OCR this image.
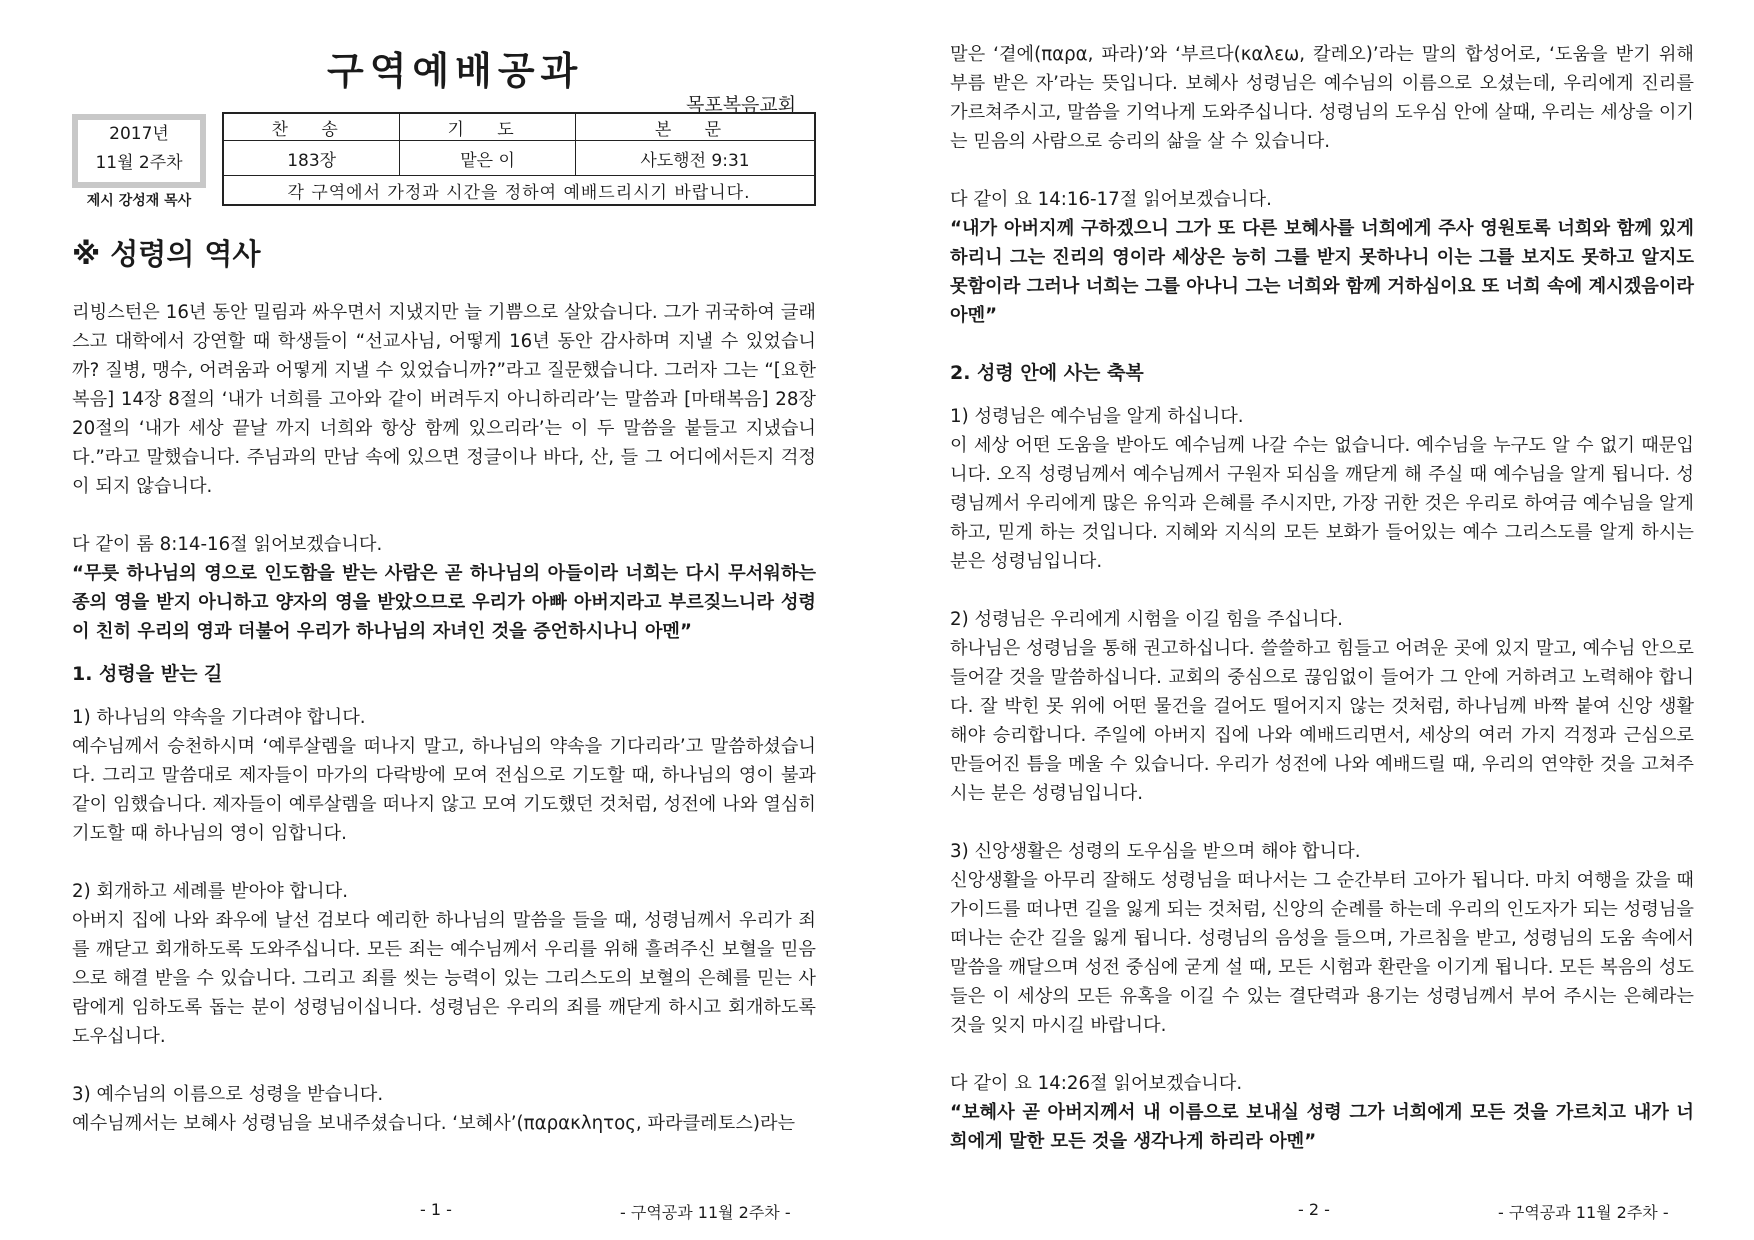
구역예배공과
목포복음교회
2017년
11월 2주차
제시 강성재 목사
찬 송	기 도	본 문
183장	맡은 이	사도행전 9:31
각 구역에서 가정과 시간을 정하여 예배드리시기 바랍니다.		
※ 성령의 역사

리빙스턴은 16년 동안 밀림과 싸우면서 지냈지만 늘 기쁨으로 살았습니다. 그가 귀국하여 글래스고 대학에서 강연할 때 학생들이 “선교사님, 어떻게 16년 동안 감사하며 지낼 수 있었습니까? 질병, 맹수, 어려움과 어떻게 지낼 수 있었습니까?”라고 질문했습니다. 그러자 그는 “[요한복음] 14장 8절의 ‘내가 너희를 고아와 같이 버려두지 아니하리라’는 말씀과 [마태복음] 28장 20절의 ‘내가 세상 끝날 까지 너희와 항상 함께 있으리라’는 이 두 말씀을 붙들고 지냈습니다.”라고 말했습니다. 주님과의 만남 속에 있으면 정글이나 바다, 산, 들 그 어디에서든지 걱정이 되지 않습니다.

다 같이 롬 8:14-16절 읽어보겠습니다.

“무릇 하나님의 영으로 인도함을 받는 사람은 곧 하나님의 아들이라 너희는 다시 무서워하는 종의 영을 받지 아니하고 양자의 영을 받았으므로 우리가 아빠 아버지라고 부르짖느니라 성령이 친히 우리의 영과 더불어 우리가 하나님의 자녀인 것을 증언하시나니 아멘”

1. 성령을 받는 길

1) 하나님의 약속을 기다려야 합니다.

예수님께서 승천하시며 ‘예루살렘을 떠나지 말고, 하나님의 약속을 기다리라’고 말씀하셨습니다. 그리고 말씀대로 제자들이 마가의 다락방에 모여 전심으로 기도할 때, 하나님의 영이 불과 같이 임했습니다. 제자들이 예루살렘을 떠나지 않고 모여 기도했던 것처럼, 성전에 나와 열심히 기도할 때 하나님의 영이 임합니다.

2) 회개하고 세례를 받아야 합니다.

아버지 집에 나와 좌우에 날선 검보다 예리한 하나님의 말씀을 들을 때, 성령님께서 우리가 죄를 깨닫고 회개하도록 도와주십니다. 모든 죄는 예수님께서 우리를 위해 흘려주신 보혈을 믿음으로 해결 받을 수 있습니다. 그리고 죄를 씻는 능력이 있는 그리스도의 보혈의 은혜를 믿는 사람에게 임하도록 돕는 분이 성령님이십니다. 성령님은 우리의 죄를 깨닫게 하시고 회개하도록 도우십니다.

3) 예수님의 이름으로 성령을 받습니다.

예수님께서는 보혜사 성령님을 보내주셨습니다. ‘보혜사’(παρακλητος, 파라클레토스)라는

- 1 -	- 구역공과 11월 2주차 -

말은 ‘곁에(παρα, 파라)’와 ‘부르다(καλεω, 칼레오)’라는 말의 합성어로, ‘도움을 받기 위해 부름 받은 자’라는 뜻입니다. 보혜사 성령님은 예수님의 이름으로 오셨는데, 우리에게 진리를 가르쳐주시고, 말씀을 기억나게 도와주십니다. 성령님의 도우심 안에 살때, 우리는 세상을 이기는 믿음의 사람으로 승리의 삶을 살 수 있습니다.

다 같이 요 14:16-17절 읽어보겠습니다.

“내가 아버지께 구하겠으니 그가 또 다른 보혜사를 너희에게 주사 영원토록 너희와 함께 있게 하리니 그는 진리의 영이라 세상은 능히 그를 받지 못하나니 이는 그를 보지도 못하고 알지도 못함이라 그러나 너희는 그를 아나니 그는 너희와 함께 거하심이요 또 너희 속에 계시겠음이라 아멘”

2. 성령 안에 사는 축복

1) 성령님은 예수님을 알게 하십니다.

이 세상 어떤 도움을 받아도 예수님께 나갈 수는 없습니다. 예수님을 누구도 알 수 없기 때문입니다. 오직 성령님께서 예수님께서 구원자 되심을 깨닫게 해 주실 때 예수님을 알게 됩니다. 성령님께서 우리에게 많은 유익과 은혜를 주시지만, 가장 귀한 것은 우리로 하여금 예수님을 알게 하고, 믿게 하는 것입니다. 지혜와 지식의 모든 보화가 들어있는 예수 그리스도를 알게 하시는 분은 성령님입니다.

2) 성령님은 우리에게 시험을 이길 힘을 주십니다.

하나님은 성령님을 통해 권고하십니다. 쓸쓸하고 힘들고 어려운 곳에 있지 말고, 예수님 안으로 들어갈 것을 말씀하십니다. 교회의 중심으로 끊임없이 들어가 그 안에 거하려고 노력해야 합니다. 잘 박힌 못 위에 어떤 물건을 걸어도 떨어지지 않는 것처럼, 하나님께 바짝 붙여 신앙 생활해야 승리합니다. 주일에 아버지 집에 나와 예배드리면서, 세상의 여러 가지 걱정과 근심으로 만들어진 틈을 메울 수 있습니다. 우리가 성전에 나와 예배드릴 때, 우리의 연약한 것을 고쳐주시는 분은 성령님입니다.

3) 신앙생활은 성령의 도우심을 받으며 해야 합니다.

신앙생활을 아무리 잘해도 성령님을 떠나서는 그 순간부터 고아가 됩니다. 마치 여행을 갔을 때 가이드를 떠나면 길을 잃게 되는 것처럼, 신앙의 순례를 하는데 우리의 인도자가 되는 성령님을 떠나는 순간 길을 잃게 됩니다. 성령님의 음성을 들으며, 가르침을 받고, 성령님의 도움 속에서 말씀을 깨달으며 성전 중심에 굳게 설 때, 모든 시험과 환란을 이기게 됩니다. 모든 복음의 성도들은 이 세상의 모든 유혹을 이길 수 있는 결단력과 용기는 성령님께서 부어 주시는 은혜라는 것을 잊지 마시길 바랍니다.

다 같이 요 14:26절 읽어보겠습니다.

“보혜사 곧 아버지께서 내 이름으로 보내실 성령 그가 너희에게 모든 것을 가르치고 내가 너희에게 말한 모든 것을 생각나게 하리라 아멘”

- 2 -	- 구역공과 11월 2주차 -
